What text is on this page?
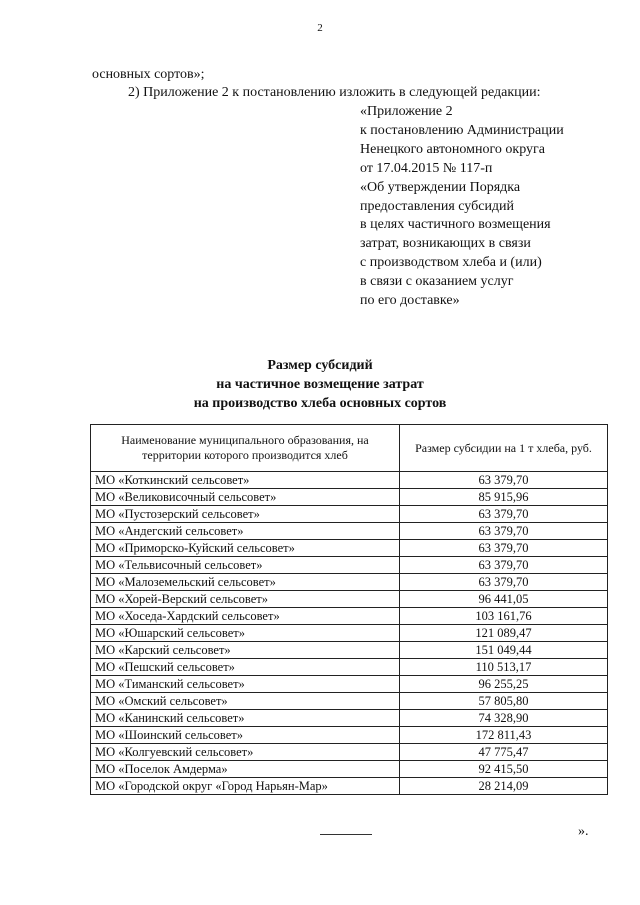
2
основных сортов»;
2) Приложение 2 к постановлению изложить в следующей редакции:
«Приложение 2
к постановлению Администрации
Ненецкого автономного округа
от 17.04.2015 № 117-п
«Об утверждении Порядка
предоставления субсидий
в целях частичного возмещения
затрат, возникающих в связи
с производством хлеба и (или)
в связи с оказанием услуг
по его доставке»
Размер субсидий
на частичное возмещение затрат
на производство хлеба основных сортов
Наименование муниципального образования, на территории которого производится хлеб	Размер субсидии на 1 т хлеба, руб.
МО «Коткинский сельсовет»	63 379,70
МО «Великовисочный сельсовет»	85 915,96
МО «Пустозерский сельсовет»	63 379,70
МО «Андегский сельсовет»	63 379,70
МО «Приморско-Куйский сельсовет»	63 379,70
МО «Тельвисочный сельсовет»	63 379,70
МО «Малоземельский сельсовет»	63 379,70
МО «Хорей-Верский сельсовет»	96 441,05
МО «Хоседа-Хардский сельсовет»	103 161,76
МО «Юшарский сельсовет»	121 089,47
МО «Карский сельсовет»	151 049,44
МО «Пешский сельсовет»	110 513,17
МО «Тиманский сельсовет»	96 255,25
МО «Омский сельсовет»	57 805,80
МО «Канинский сельсовет»	74 328,90
МО «Шоинский сельсовет»	172 811,43
МО «Колгуевский сельсовет»	47 775,47
МО «Поселок Амдерма»	92 415,50
МО «Городской округ «Город Нарьян-Мар»	28 214,09
».
